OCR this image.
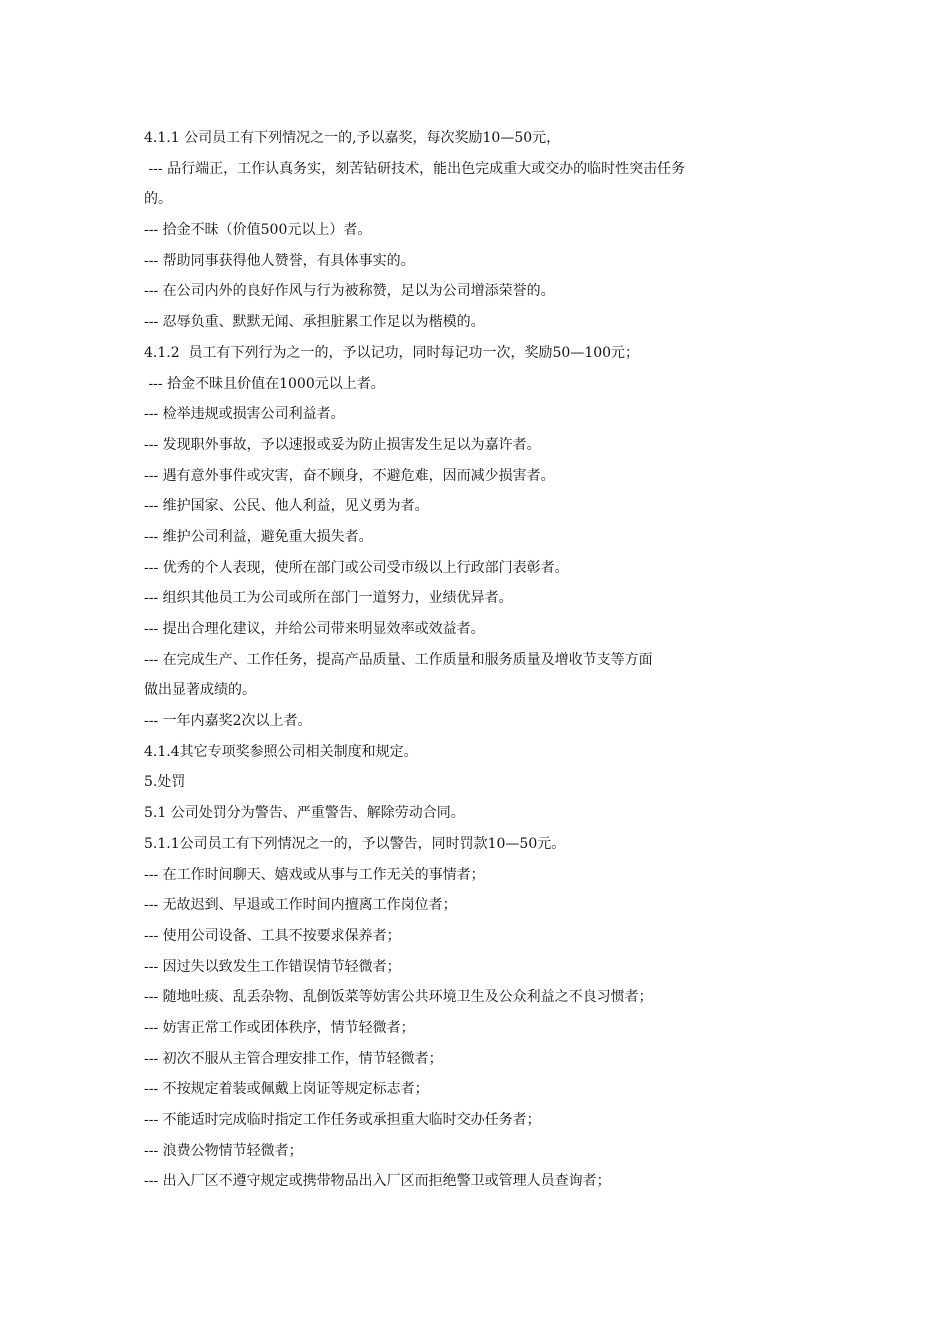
4.1.1 公司员工有下列情况之一的,予以嘉奖，每次奖励10—50元，
--- 品行端正，工作认真务实，刻苦钻研技术，能出色完成重大或交办的临时性突击任务
的。
--- 拾金不昧（价值500元以上）者。
--- 帮助同事获得他人赞誉，有具体事实的。
--- 在公司内外的良好作风与行为被称赞，足以为公司增添荣誉的。
--- 忍辱负重、默默无闻、承担脏累工作足以为楷模的。
4.1.2  员工有下列行为之一的，予以记功，同时每记功一次，奖励50—100元；
--- 拾金不昧且价值在1000元以上者。
--- 检举违规或损害公司利益者。
--- 发现职外事故，予以速报或妥为防止损害发生足以为嘉许者。
--- 遇有意外事件或灾害，奋不顾身，不避危难，因而减少损害者。
--- 维护国家、公民、他人利益，见义勇为者。
--- 维护公司利益，避免重大损失者。
--- 优秀的个人表现，使所在部门或公司受市级以上行政部门表彰者。
--- 组织其他员工为公司或所在部门一道努力，业绩优异者。
--- 提出合理化建议，并给公司带来明显效率或效益者。
--- 在完成生产、工作任务，提高产品质量、工作质量和服务质量及增收节支等方面
做出显著成绩的。
--- 一年内嘉奖2次以上者。
4.1.4其它专项奖参照公司相关制度和规定。
5.处罚
5.1 公司处罚分为警告、严重警告、解除劳动合同。
5.1.1公司员工有下列情况之一的，予以警告，同时罚款10—50元。
--- 在工作时间聊天、嬉戏或从事与工作无关的事情者；
--- 无故迟到、早退或工作时间内擅离工作岗位者；
--- 使用公司设备、工具不按要求保养者；
--- 因过失以致发生工作错误情节轻微者；
--- 随地吐痰、乱丢杂物、乱倒饭菜等妨害公共环境卫生及公众利益之不良习惯者；
--- 妨害正常工作或团体秩序，情节轻微者；
--- 初次不服从主管合理安排工作，情节轻微者；
--- 不按规定着装或佩戴上岗证等规定标志者；
--- 不能适时完成临时指定工作任务或承担重大临时交办任务者；
--- 浪费公物情节轻微者；
--- 出入厂区不遵守规定或携带物品出入厂区而拒绝警卫或管理人员查询者；
